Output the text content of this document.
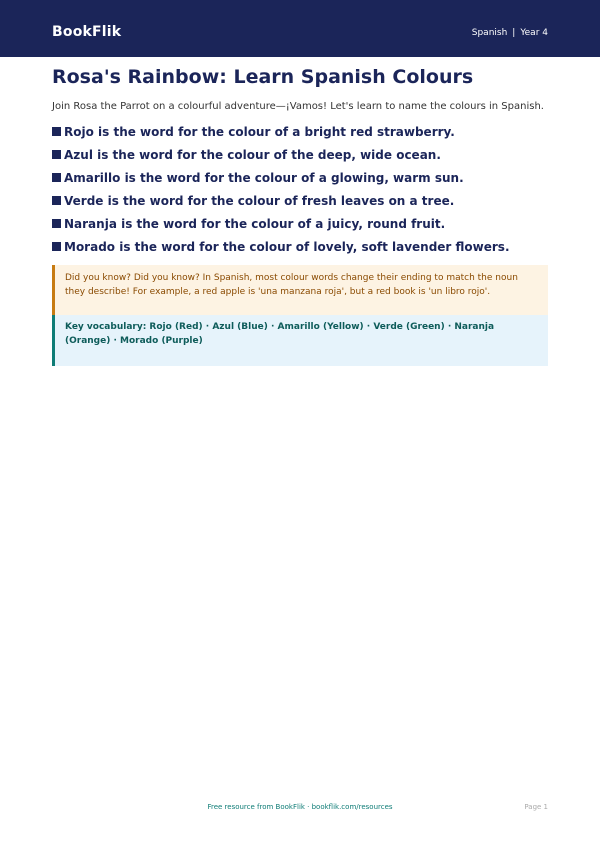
BookFlik	Spanish | Year 4
Rosa's Rainbow: Learn Spanish Colours

Join Rosa the Parrot on a colourful adventure—¡Vamos! Let's learn to name the colours in Spanish.

Rojo is the word for the colour of a bright red strawberry.
Azul is the word for the colour of the deep, wide ocean.
Amarillo is the word for the colour of a glowing, warm sun.
Verde is the word for the colour of fresh leaves on a tree.
Naranja is the word for the colour of a juicy, round fruit.
Morado is the word for the colour of lovely, soft lavender flowers.
Did you know? Did you know? In Spanish, most colour words change their ending to match the noun they describe! For example, a red apple is 'una manzana roja', but a red book is 'un libro rojo'.
Key vocabulary: Rojo (Red) · Azul (Blue) · Amarillo (Yellow) · Verde (Green) · Naranja (Orange) · Morado (Purple)
Free resource from BookFlik · bookflik.com/resources	Page 1
